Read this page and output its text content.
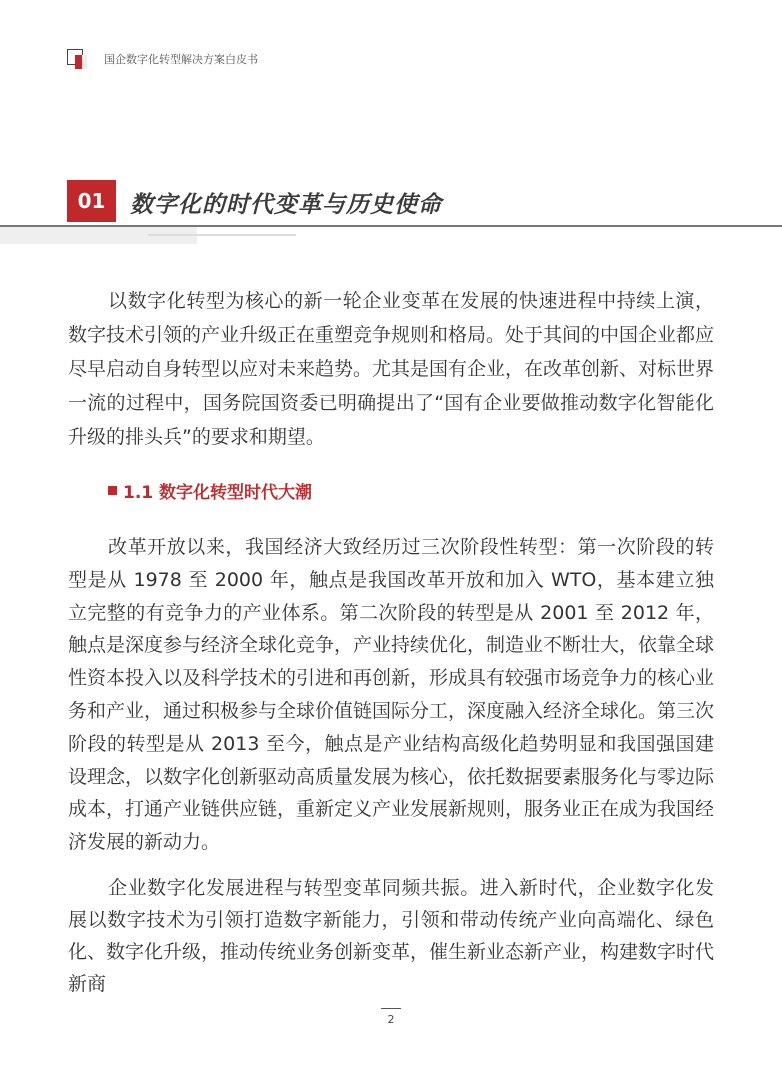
国企数字化转型解决方案白皮书
01	数字化的时代变革与历史使命

以数字化转型为核心的新一轮企业变革在发展的快速进程中持续上演，数字技术引领的产业升级正在重塑竞争规则和格局。处于其间的中国企业都应尽早启动自身转型以应对未来趋势。尤其是国有企业，在改革创新、对标世界一流的过程中，国务院国资委已明确提出了“国有企业要做推动数字化智能化升级的排头兵”的要求和期望。

1.1 数字化转型时代大潮

改革开放以来，我国经济大致经历过三次阶段性转型：第一次阶段的转型是从 1978 至 2000 年，触点是我国改革开放和加入 WTO，基本建立独立完整的有竞争力的产业体系。第二次阶段的转型是从 2001 至 2012 年，触点是深度参与经济全球化竞争，产业持续优化，制造业不断壮大，依靠全球性资本投入以及科学技术的引进和再创新，形成具有较强市场竞争力的核心业务和产业，通过积极参与全球价值链国际分工，深度融入经济全球化。第三次阶段的转型是从 2013 至今，触点是产业结构高级化趋势明显和我国强国建设理念，以数字化创新驱动高质量发展为核心，依托数据要素服务化与零边际成本，打通产业链供应链，重新定义产业发展新规则，服务业正在成为我国经济发展的新动力。

企业数字化发展进程与转型变革同频共振。进入新时代，企业数字化发展以数字技术为引领打造数字新能力，引领和带动传统产业向高端化、绿色化、数字化升级，推动传统业务创新变革，催生新业态新产业，构建数字时代新商

2
